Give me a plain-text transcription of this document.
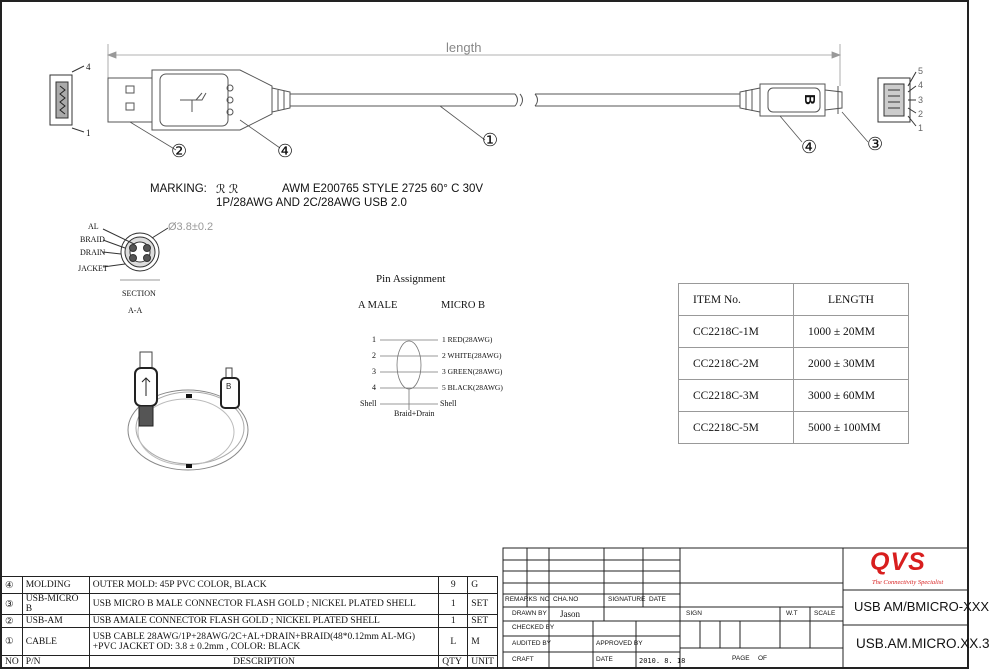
B
length
4
1
5
4
3
2
1
B
②	④
①	④	③
MARKING: ℛ ℛ	AWM E200765 STYLE 2725 60° C 30V
1P/28AWG AND 2C/28AWG USB 2.0
AL
BRAID
DRAIN
JACKET
Ø3.8±0.2
SECTION
A-A
Pin Assignment
A MALE	MICRO B
1
2
3
4
Shell
1 RED(28AWG)
2 WHITE(28AWG)
3 GREEN(28AWG)
5 BLACK(28AWG)
Shell
Braid+Drain
ITEM No.	LENGTH
CC2218C-1M	1000 ± 20MM
CC2218C-2M	2000 ± 30MM
CC2218C-3M	3000 ± 60MM
CC2218C-5M	5000 ± 100MM
④	MOLDING	OUTER MOLD: 45P PVC COLOR, BLACK	9	G
③	USB-MICRO B	USB MICRO B MALE CONNECTOR FLASH GOLD ; NICKEL PLATED SHELL	1	SET
②	USB-AM	USB AMALE CONNECTOR FLASH GOLD ; NICKEL PLATED SHELL	1	SET
①	CABLE	USB CABLE 28AWG/1P+28AWG/2C+AL+DRAIN+BRAID(48*0.12mm AL-MG)
+PVC JACKET OD: 3.8 ± 0.2mm , COLOR: BLACK	L	M
NO	P/N	DESCRIPTION	QTY	UNIT
REMARKS NO CHA.NO	SIGNATURE DATE
DRAWN BY Jason
CHECKED BY
AUDITED BY	APPROVED BY
CRAFT	DATE	2010. 8. 18
SIGN	W.T	SCALE
PAGE OF
QVS
The Connectivity Specialist
USB AM/BMICRO-XXX
USB.AM.MICRO.XX.3
